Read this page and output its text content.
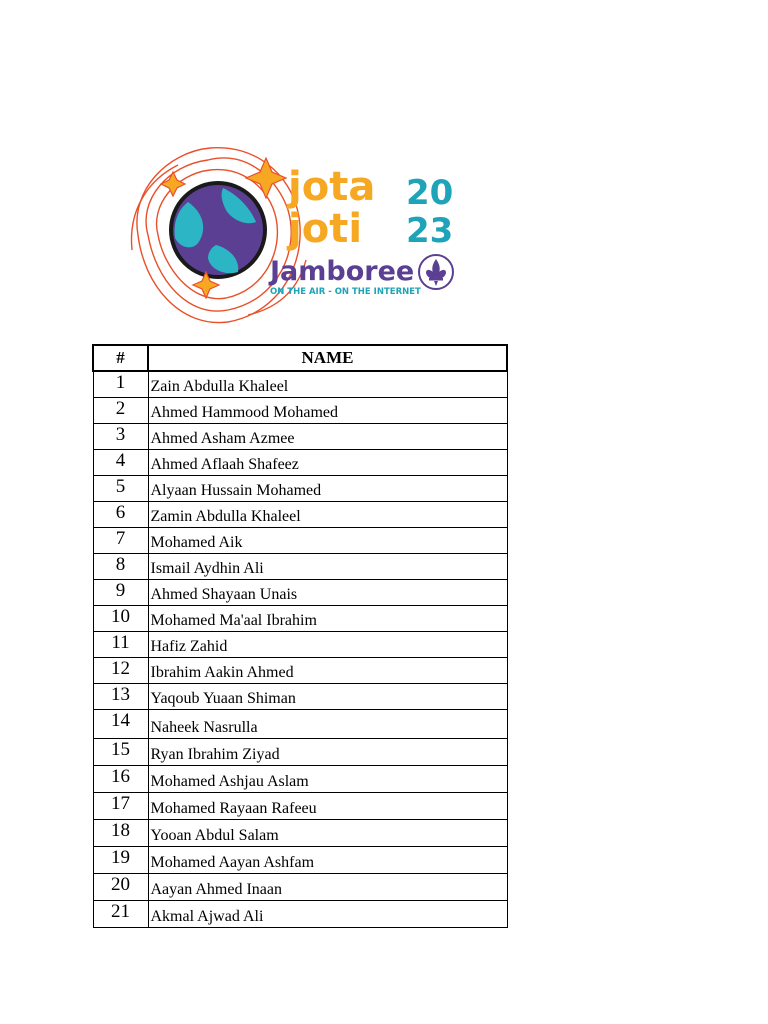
jota
joti
20
23
Jamboree
ON THE AIR - ON THE INTERNET
#	NAME
1	Zain Abdulla Khaleel
2	Ahmed Hammood Mohamed
3	Ahmed Asham Azmee
4	Ahmed Aflaah Shafeez
5	Alyaan Hussain Mohamed
6	Zamin Abdulla Khaleel
7	Mohamed Aik
8	Ismail Aydhin Ali
9	Ahmed Shayaan Unais
10	Mohamed Ma'aal Ibrahim
11	Hafiz Zahid
12	Ibrahim Aakin Ahmed
13	Yaqoub Yuaan Shiman
14	Naheek Nasrulla
15	Ryan Ibrahim Ziyad
16	Mohamed Ashjau Aslam
17	Mohamed Rayaan Rafeeu
18	Yooan Abdul Salam
19	Mohamed Aayan Ashfam
20	Aayan Ahmed Inaan
21	Akmal Ajwad Ali
